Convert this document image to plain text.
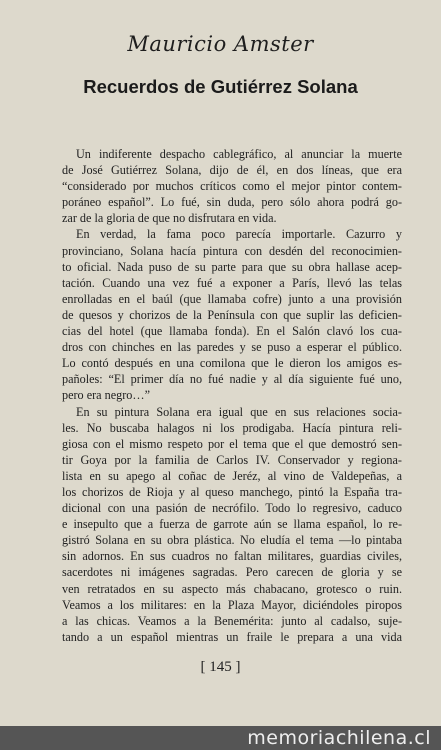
Mauricio Amster
Recuerdos de Gutiérrez Solana

Un indiferente despacho cablegráfico, al anunciar la muerte
de José Gutiérrez Solana, dijo de él, en dos líneas, que era
“considerado por muchos críticos como el mejor pintor contem-
poráneo español”. Lo fué, sin duda, pero sólo ahora podrá go-
zar de la gloria de que no disfrutara en vida.

En verdad, la fama poco parecía importarle. Cazurro y
provinciano, Solana hacía pintura con desdén del reconocimien-
to oficial. Nada puso de su parte para que su obra hallase acep-
tación. Cuando una vez fué a exponer a París, llevó las telas
enrolladas en el baúl (que llamaba cofre) junto a una provisión
de quesos y chorizos de la Península con que suplir las deficien-
cias del hotel (que llamaba fonda). En el Salón clavó los cua-
dros con chinches en las paredes y se puso a esperar el público.
Lo contó después en una comilona que le dieron los amigos es-
pañoles: “El primer día no fué nadie y al día siguiente fué uno,
pero era negro…”

En su pintura Solana era igual que en sus relaciones socia-
les. No buscaba halagos ni los prodigaba. Hacía pintura reli-
giosa con el mismo respeto por el tema que el que demostró sen-
tir Goya por la familia de Carlos IV. Conservador y regiona-
lista en su apego al coñac de Jeréz, al vino de Valdepeñas, a
los chorizos de Rioja y al queso manchego, pintó la España tra-
dicional con una pasión de necrófilo. Todo lo regresivo, caduco
e insepulto que a fuerza de garrote aún se llama español, lo re-
gistró Solana en su obra plástica. No eludía el tema —lo pintaba
sin adornos. En sus cuadros no faltan militares, guardias civiles,
sacerdotes ni imágenes sagradas. Pero carecen de gloria y se
ven retratados en su aspecto más chabacano, grotesco o ruin.
Veamos a los militares: en la Plaza Mayor, diciéndoles piropos
a las chicas. Veamos a la Benemérita: junto al cadalso, suje-
tando a un español mientras un fraile le prepara a una vida

[ 145 ]
memoriachilena.cl
